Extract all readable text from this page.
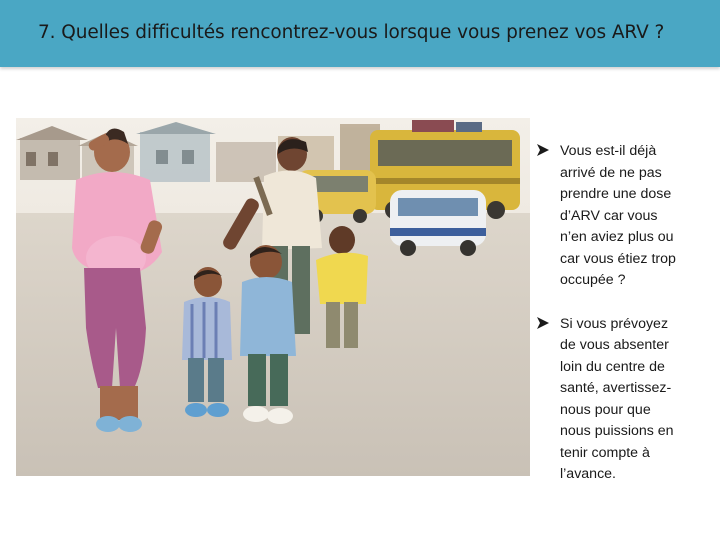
7. Quelles difficultés rencontrez-vous lorsque vous prenez vos ARV ?
Vous est-il déjà
arrivé de ne pas
prendre une dose
d’ARV car vous
n’en aviez plus ou
car vous étiez trop
occupée ?
Si vous prévoyez
de vous absenter
loin du centre de
santé, avertissez-
nous pour que
nous puissions en
tenir compte à
l’avance.
